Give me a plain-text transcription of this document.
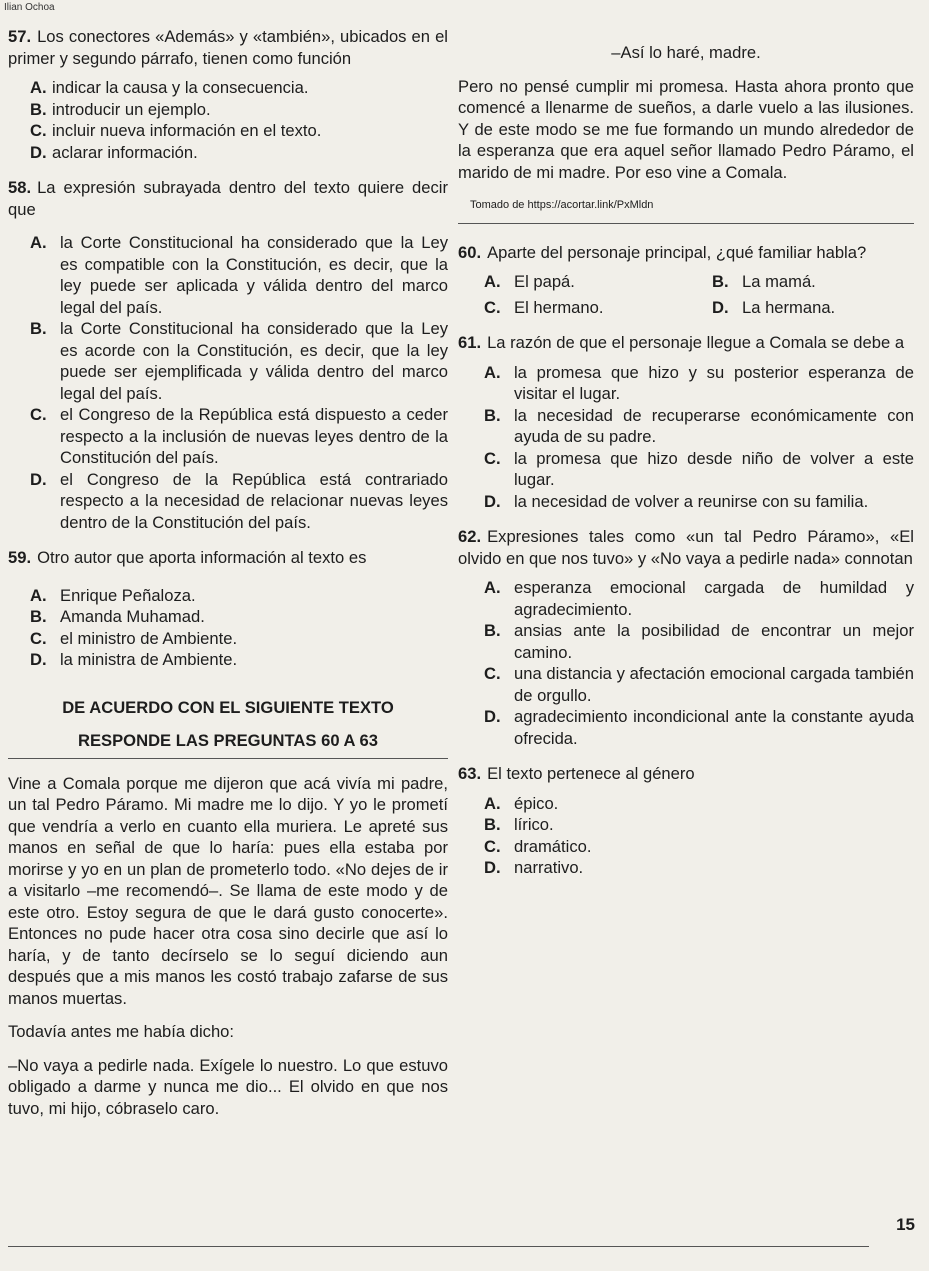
Ilian Ochoa

57. Los conectores «Además» y «también», ubicados en el primer y segundo párrafo, tienen como función

A. indicar la causa y la consecuencia.

B. introducir un ejemplo.

C. incluir nueva información en el texto.

D. aclarar información.

58. La expresión subrayada dentro del texto quiere decir que

A. la Corte Constitucional ha considerado que la Ley es compatible con la Constitución, es decir, que la ley puede ser aplicada y válida dentro del marco legal del país.

B. la Corte Constitucional ha considerado que la Ley es acorde con la Constitución, es decir, que la ley puede ser ejemplificada y válida dentro del marco legal del país.

C. el Congreso de la República está dispuesto a ceder respecto a la inclusión de nuevas leyes dentro de la Constitución del país.

D. el Congreso de la República está contrariado respecto a la necesidad de relacionar nuevas leyes dentro de la Constitución del país.

59. Otro autor que aporta información al texto es

A. Enrique Peñaloza.

B. Amanda Muhamad.

C. el ministro de Ambiente.

D. la ministra de Ambiente.

DE ACUERDO CON EL SIGUIENTE TEXTO

RESPONDE LAS PREGUNTAS 60 A 63

Vine a Comala porque me dijeron que acá vivía mi padre, un tal Pedro Páramo. Mi madre me lo dijo. Y yo le prometí que vendría a verlo en cuanto ella muriera. Le apreté sus manos en señal de que lo haría: pues ella estaba por morirse y yo en un plan de prometerlo todo. «No dejes de ir a visitarlo –me recomendó–. Se llama de este modo y de este otro. Estoy segura de que le dará gusto conocerte». Entonces no pude hacer otra cosa sino decirle que así lo haría, y de tanto decírselo se lo seguí diciendo aun después que a mis manos les costó trabajo zafarse de sus manos muertas.

Todavía antes me había dicho:

–No vaya a pedirle nada. Exígele lo nuestro. Lo que estuvo obligado a darme y nunca me dio... El olvido en que nos tuvo, mi hijo, cóbraselo caro.

–Así lo haré, madre.

Pero no pensé cumplir mi promesa. Hasta ahora pronto que comencé a llenarme de sueños, a darle vuelo a las ilusiones. Y de este modo se me fue formando un mundo alrededor de la esperanza que era aquel señor llamado Pedro Páramo, el marido de mi madre. Por eso vine a Comala.

Tomado de https://acortar.link/PxMldn

60. Aparte del personaje principal, ¿qué familiar habla?

A. El papá.	B. La mamá.

C. El hermano.	D. La hermana.

61. La razón de que el personaje llegue a Comala se debe a

A. la promesa que hizo y su posterior esperanza de visitar el lugar.

B. la necesidad de recuperarse económicamente con ayuda de su padre.

C. la promesa que hizo desde niño de volver a este lugar.

D. la necesidad de volver a reunirse con su familia.

62. Expresiones tales como «un tal Pedro Páramo», «El olvido en que nos tuvo» y «No vaya a pedirle nada» connotan

A. esperanza emocional cargada de humildad y agradecimiento.

B. ansias ante la posibilidad de encontrar un mejor camino.

C. una distancia y afectación emocional cargada también de orgullo.

D. agradecimiento incondicional ante la constante ayuda ofrecida.

63. El texto pertenece al género

A. épico.

B. lírico.

C. dramático.

D. narrativo.

15
